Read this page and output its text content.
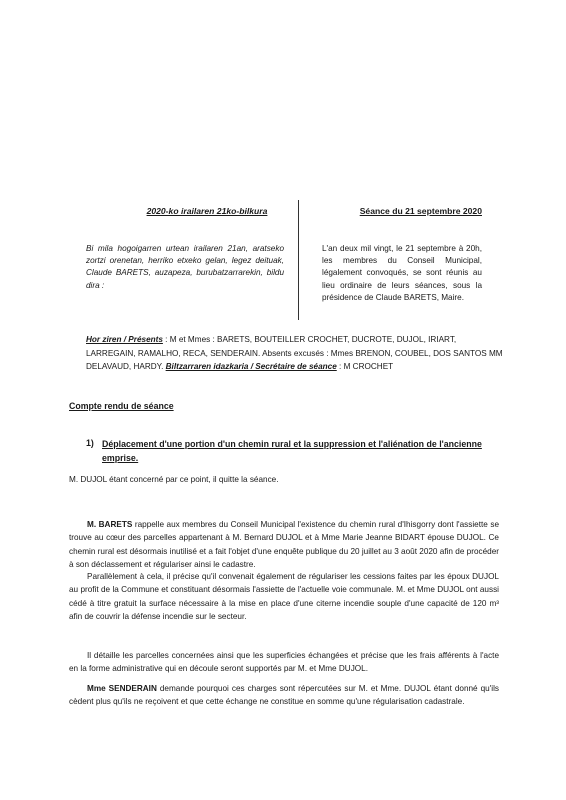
2020-ko irailaren 21ko-bilkura	Séance du 21 septembre 2020
Bi mila hogoigarren urtean irailaren 21an, aratseko zortzi orenetan, herriko etxeko gelan, legez deituak, Claude BARETS, auzapeza, burubatzarrarekin, bildu dira :
L'an deux mil vingt, le 21 septembre à 20h, les membres du Conseil Municipal, légalement convoqués, se sont réunis au lieu ordinaire de leurs séances, sous la présidence de Claude BARETS, Maire.
Hor ziren / Présents : M et Mmes : BARETS, BOUTEILLER CROCHET, DUCROTE, DUJOL, IRIART, LARREGAIN, RAMALHO, RECA, SENDERAIN. Absents excusés : Mmes BRENON, COUBEL, DOS SANTOS MM DELAVAUD, HARDY. Biltzarraren idazkaria / Secrétaire de séance : M CROCHET
Compte rendu de séance
1) Déplacement d'une portion d'un chemin rural et la suppression et l'aliénation de l'ancienne emprise.
M. DUJOL étant concerné par ce point, il quitte la séance.
M. BARETS rappelle aux membres du Conseil Municipal l'existence du chemin rural d'Ihisgorry dont l'assiette se trouve au cœur des parcelles appartenant à M. Bernard DUJOL et à Mme Marie Jeanne BIDART épouse DUJOL. Ce chemin rural est désormais inutilisé et a fait l'objet d'une enquête publique du 20 juillet au 3 août 2020 afin de procéder à son déclassement et régulariser ainsi le cadastre.
Parallèlement à cela, il précise qu'il convenait également de régulariser les cessions faites par les époux DUJOL au profit de la Commune et constituant désormais l'assiette de l'actuelle voie communale. M. et Mme DUJOL ont aussi cédé à titre gratuit la surface nécessaire à la mise en place d'une citerne incendie souple d'une capacité de 120 m³ afin de couvrir la défense incendie sur le secteur.
Il détaille les parcelles concernées ainsi que les superficies échangées et précise que les frais afférents à l'acte en la forme administrative qui en découle seront supportés par M. et Mme DUJOL.
Mme SENDERAIN demande pourquoi ces charges sont répercutées sur M. et Mme. DUJOL étant donné qu'ils cèdent plus qu'ils ne reçoivent et que cette échange ne constitue en somme qu'une régularisation cadastrale.
